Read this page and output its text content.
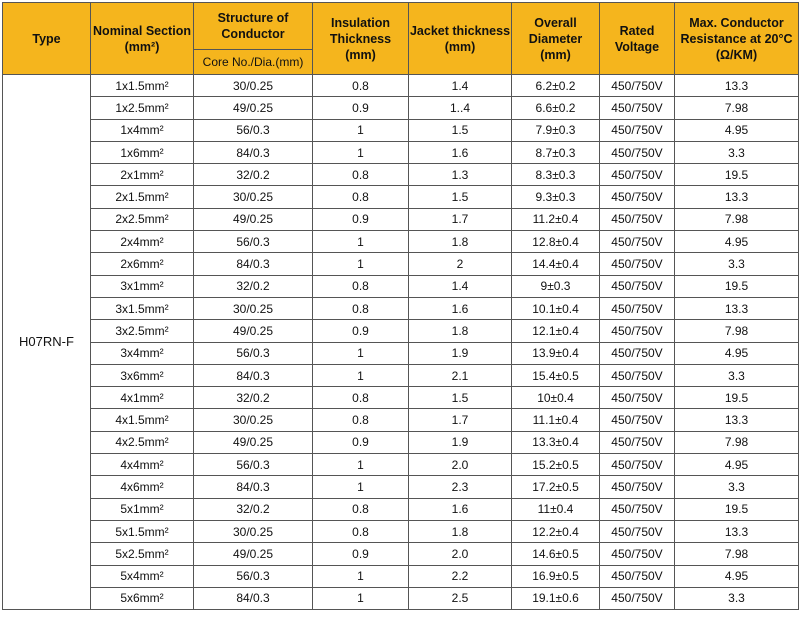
Type	Nominal Section (mm²)	Structure of Conductor	Insulation Thickness (mm)	Jacket thickness (mm)	Overall Diameter (mm)	Rated Voltage	Max. Conductor Resistance at 20°C (Ω/KM)
		Core No./Dia.(mm)					
H07RN-F	1x1.5mm²	30/0.25	0.8	1.4	6.2±0.2	450/750V	13.3
	1x2.5mm²	49/0.25	0.9	1..4	6.6±0.2	450/750V	7.98
	1x4mm²	56/0.3	1	1.5	7.9±0.3	450/750V	4.95
	1x6mm²	84/0.3	1	1.6	8.7±0.3	450/750V	3.3
	2x1mm²	32/0.2	0.8	1.3	8.3±0.3	450/750V	19.5
	2x1.5mm²	30/0.25	0.8	1.5	9.3±0.3	450/750V	13.3
	2x2.5mm²	49/0.25	0.9	1.7	11.2±0.4	450/750V	7.98
	2x4mm²	56/0.3	1	1.8	12.8±0.4	450/750V	4.95
	2x6mm²	84/0.3	1	2	14.4±0.4	450/750V	3.3
	3x1mm²	32/0.2	0.8	1.4	9±0.3	450/750V	19.5
	3x1.5mm²	30/0.25	0.8	1.6	10.1±0.4	450/750V	13.3
	3x2.5mm²	49/0.25	0.9	1.8	12.1±0.4	450/750V	7.98
	3x4mm²	56/0.3	1	1.9	13.9±0.4	450/750V	4.95
	3x6mm²	84/0.3	1	2.1	15.4±0.5	450/750V	3.3
	4x1mm²	32/0.2	0.8	1.5	10±0.4	450/750V	19.5
	4x1.5mm²	30/0.25	0.8	1.7	11.1±0.4	450/750V	13.3
	4x2.5mm²	49/0.25	0.9	1.9	13.3±0.4	450/750V	7.98
	4x4mm²	56/0.3	1	2.0	15.2±0.5	450/750V	4.95
	4x6mm²	84/0.3	1	2.3	17.2±0.5	450/750V	3.3
	5x1mm²	32/0.2	0.8	1.6	11±0.4	450/750V	19.5
	5x1.5mm²	30/0.25	0.8	1.8	12.2±0.4	450/750V	13.3
	5x2.5mm²	49/0.25	0.9	2.0	14.6±0.5	450/750V	7.98
	5x4mm²	56/0.3	1	2.2	16.9±0.5	450/750V	4.95
	5x6mm²	84/0.3	1	2.5	19.1±0.6	450/750V	3.3
